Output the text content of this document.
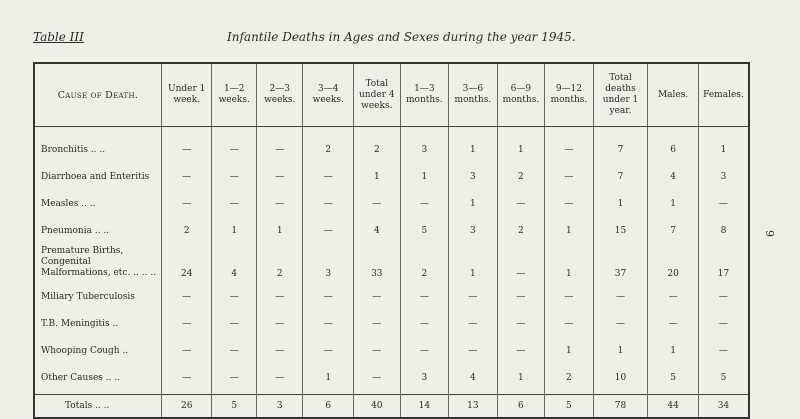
Table III	Infantile Deaths in Ages and Sexes during the year 1945.
9
Cause of Death.	Under 1 week.	1—2 weeks.	2—3 weeks.	3—4 weeks.	Total under 4 weeks.	1—3 months.	3—6 months.	6—9 months.	9—12 months.	Total deaths under 1 year.	Males.	Females.

Bronchitis .. ..	—	—	—	2	2	3	1	1	—	7	6	1
Diarrhoea and Enteritis	—	—	—	—	1	1	3	2	—	7	4	3
Measles .. ..	—	—	—	—	—	—	1	—	—	1	1	—
Pneumonia .. ..	2	1	1	—	4	5	3	2	1	15	7	8
Premature Births, Congenital Malformations, etc. .. .. ..	24	4	2	3	33	2	1	—	1	37	20	17
Miliary Tuberculosis	—	—	—	—	—	—	—	—	—	—	—	—
T.B. Meningitis ..	—	—	—	—	—	—	—	—	—	—	—	—
Whooping Cough ..	—	—	—	—	—	—	—	—	1	1	1	—
Other Causes .. ..	—	—	—	1	—	3	4	1	2	10	5	5

Totals .. ..	26	5	3	6	40	14	13	6	5	78	44	34
